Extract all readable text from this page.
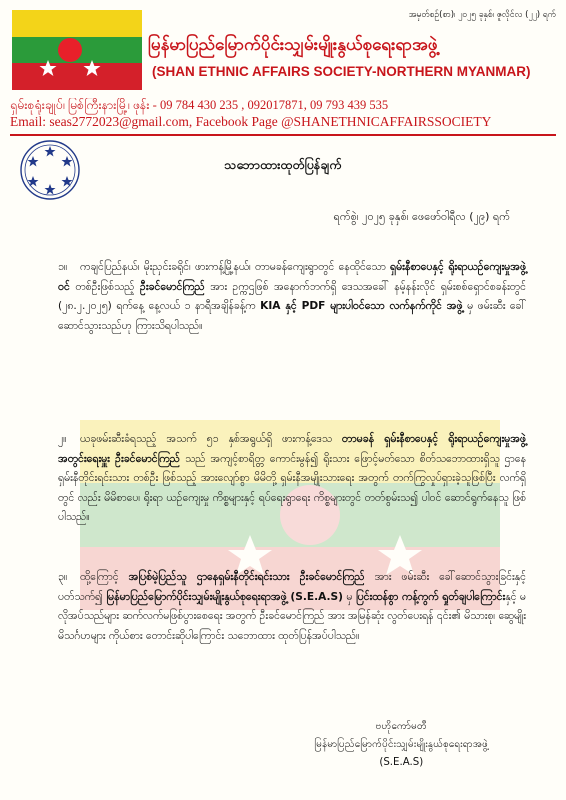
အမှတ်စဉ်(စာ)၊ ၂၀၂၅ ခုနှစ်၊ ဇူလိုင်လ (၂၂) ရက်
မြန်မာပြည်မြောက်ပိုင်းသျှမ်းမျိုးနွယ်စုရေးရာအဖွဲ့
(SHAN ETHNIC AFFAIRS SOCIETY-NORTHERN MYANMAR)
ရှမ်းစုရုံးချုပ်၊ မြစ်ကြီးနားမြို့၊ ဖုန်း - 09 784 430 235 , 092017871, 09 793 439 535
Email: seas2772023@gmail.com, Facebook Page @SHANETHNICAFFAIRSSOCIETY
သဘောထားထုတ်ပြန်ချက်
ရက်စွဲ၊ ၂၀၂၅ ခုနှစ်၊ ဖေဖော်ဝါရီလ (၂၉) ရက်
၁။ ကချင်ပြည်နယ်၊ မိုးညှင်းခရိုင်၊ ဖားကန့်မြို့နယ်၊ တာမခန်ကျေးရွာတွင် နေထိုင်သော ရှမ်းနီစာပေနှင့် ရိုးရာယဉ်ကျေးမှုအဖွဲ့ဝင် တစ်ဦးဖြစ်သည့် ဦးခင်မောင်ကြည် အား ဥက္ကဌဖြစ် အနောက်ဘက်ရှိ ဒေသအခေါ် နမ့်နန်းလိုင် ရှမ်းစစ်ရှောင်စခန်းတွင် (၂၈.၂.၂၀၂၅) ရက်နေ့ နေ့လယ် ၁ နာရီအချိန်ခန့်က KIA နှင့် PDF များပါဝင်သော လက်နက်ကိုင် အဖွဲ့ မှ ဖမ်းဆီး ခေါ်ဆောင်သွားသည်ဟု ကြားသိရပါသည်။
၂။ ယခုဖမ်းဆီးခံရသည့် အသက် ၅၁ နှစ်အရွယ်ရှိ ဖားကန့်ဒေသ တာမခန် ရှမ်းနီစာပေနှင့် ရိုးရာယဉ်ကျေးမှုအဖွဲ့ အတွင်းရေးမှူး ဦးခင်မောင်ကြည် သည် အကျင့်စာရိတ္တ ကောင်းမွန်၍ ရိုးသား ဖြောင့်မတ်သော စိတ်သဘောထားရှိသူ ဌာနေရှမ်းနီတိုင်းရင်းသား တစ်ဦး ဖြစ်သည့် အားလျော်စွာ မိမိတို့ ရှမ်းနီအမျိုးသားရေး အတွက် တက်ကြွလှုပ်ရှားခဲ့သူဖြစ်ပြီး လက်ရှိတွင် လည်း မိမိစာပေ၊ ရိုးရာ ယဉ်ကျေးမှု ကိစ္စများနှင့် ရပ်ရေးရွာရေး ကိစ္စများတွင် တတ်စွမ်းသ၍ ပါဝင် ဆောင်ရွက်နေသူ ဖြစ်ပါသည်။
၃။ ထို့ကြောင့် အပြစ်မဲ့ပြည်သူ ဌာနေရှမ်းနီတိုင်းရင်းသား ဦးခင်မောင်ကြည် အား ဖမ်းဆီး ခေါ်ဆောင်သွားခြင်းနှင့်ပတ်သက်၍ မြန်မာပြည်မြောက်ပိုင်းသျှမ်းမျိုးနွယ်စုရေးရာအဖွဲ့ (S.E.A.S) မှ ပြင်းထန်စွာ ကန့်ကွက် ရှုတ်ချပါကြောင်းနှင့် မလိုအပ်သည်များ ဆက်လက်မဖြစ်ပွားစေရေး အတွက် ဦးခင်မောင်ကြည် အား အမြန်ဆုံး လွတ်ပေးရန် ၎င်း၏ မိသားစု၊ ဆွေမျိုး မိသင်္ဂဟများ ကိုယ်စား တောင်းဆိုပါကြောင်း သဘောထား ထုတ်ပြန်အပ်ပါသည်။
ဗဟိုကော်မတီ
မြန်မာပြည်မြောက်ပိုင်းသျှမ်းမျိုးနွယ်စုရေးရာအဖွဲ့
(S.E.A.S)
